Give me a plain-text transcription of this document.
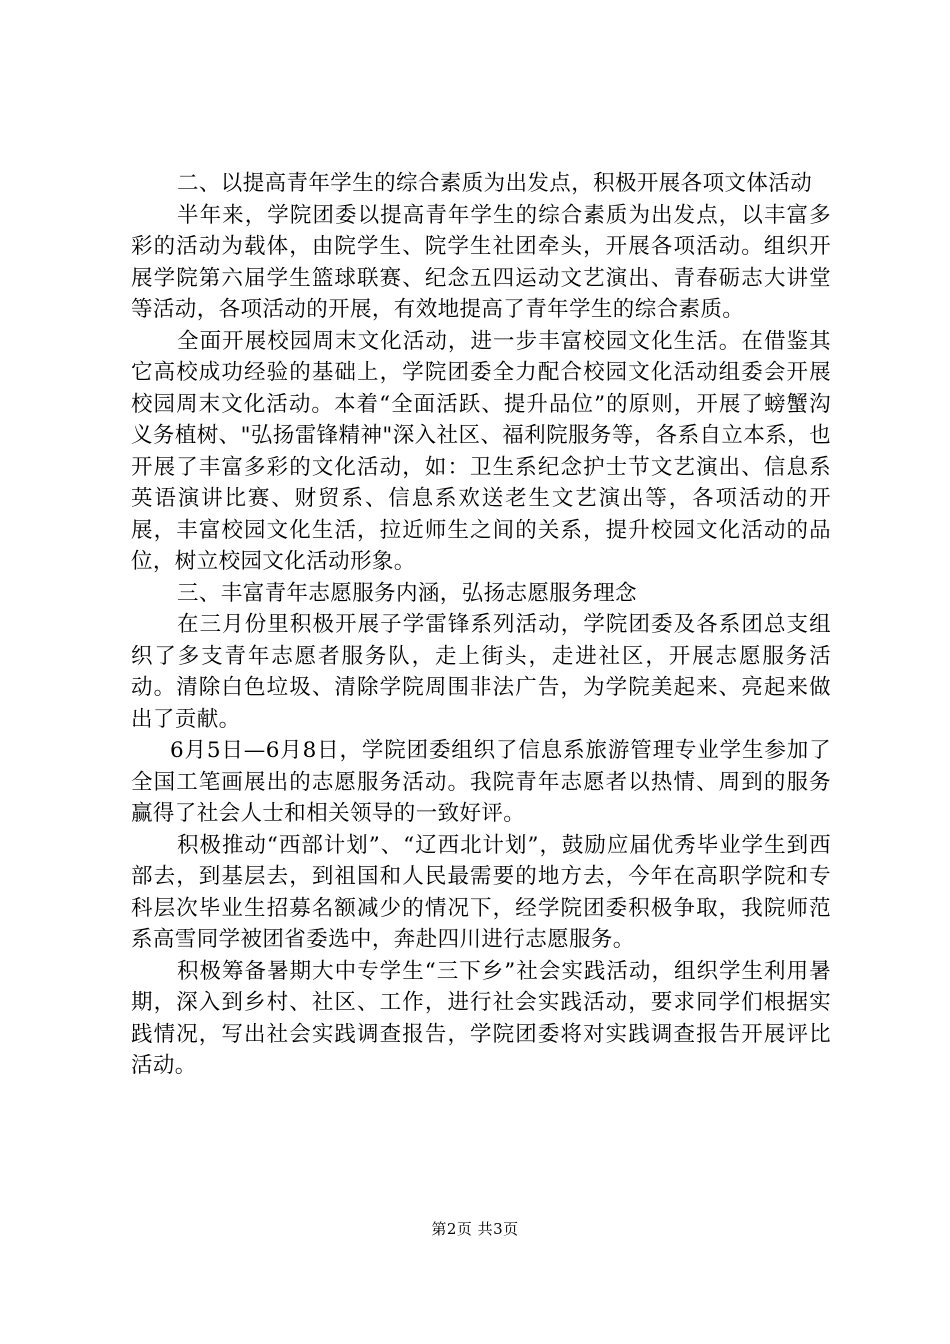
二、以提高青年学生的综合素质为出发点，积极开展各项文体活动

半年来，学院团委以提高青年学生的综合素质为出发点，以丰富多彩的活动为载体，由院学生、院学生社团牵头，开展各项活动。组织开展学院第六届学生篮球联赛、纪念五四运动文艺演出、青春砺志大讲堂等活动，各项活动的开展，有效地提高了青年学生的综合素质。

全面开展校园周末文化活动，进一步丰富校园文化生活。在借鉴其它高校成功经验的基础上，学院团委全力配合校园文化活动组委会开展校园周末文化活动。本着“全面活跃、提升品位”的原则，开展了螃蟹沟义务植树、"弘扬雷锋精神"深入社区、福利院服务等，各系自立本系，也开展了丰富多彩的文化活动，如：卫生系纪念护士节文艺演出、信息系英语演讲比赛、财贸系、信息系欢送老生文艺演出等，各项活动的开展，丰富校园文化生活，拉近师生之间的关系，提升校园文化活动的品位，树立校园文化活动形象。

三、丰富青年志愿服务内涵，弘扬志愿服务理念

在三月份里积极开展子学雷锋系列活动，学院团委及各系团总支组织了多支青年志愿者服务队，走上街头，走进社区，开展志愿服务活动。清除白色垃圾、清除学院周围非法广告，为学院美起来、亮起来做出了贡献。

6月5日—6月8日，学院团委组织了信息系旅游管理专业学生参加了全国工笔画展出的志愿服务活动。我院青年志愿者以热情、周到的服务赢得了社会人士和相关领导的一致好评。

积极推动“西部计划”、“辽西北计划”，鼓励应届优秀毕业学生到西部去，到基层去，到祖国和人民最需要的地方去，今年在高职学院和专科层次毕业生招募名额减少的情况下，经学院团委积极争取，我院师范系高雪同学被团省委选中，奔赴四川进行志愿服务。

积极筹备暑期大中专学生“三下乡”社会实践活动，组织学生利用暑期，深入到乡村、社区、工作，进行社会实践活动，要求同学们根据实践情况，写出社会实践调查报告，学院团委将对实践调查报告开展评比活动。

第2页 共3页
